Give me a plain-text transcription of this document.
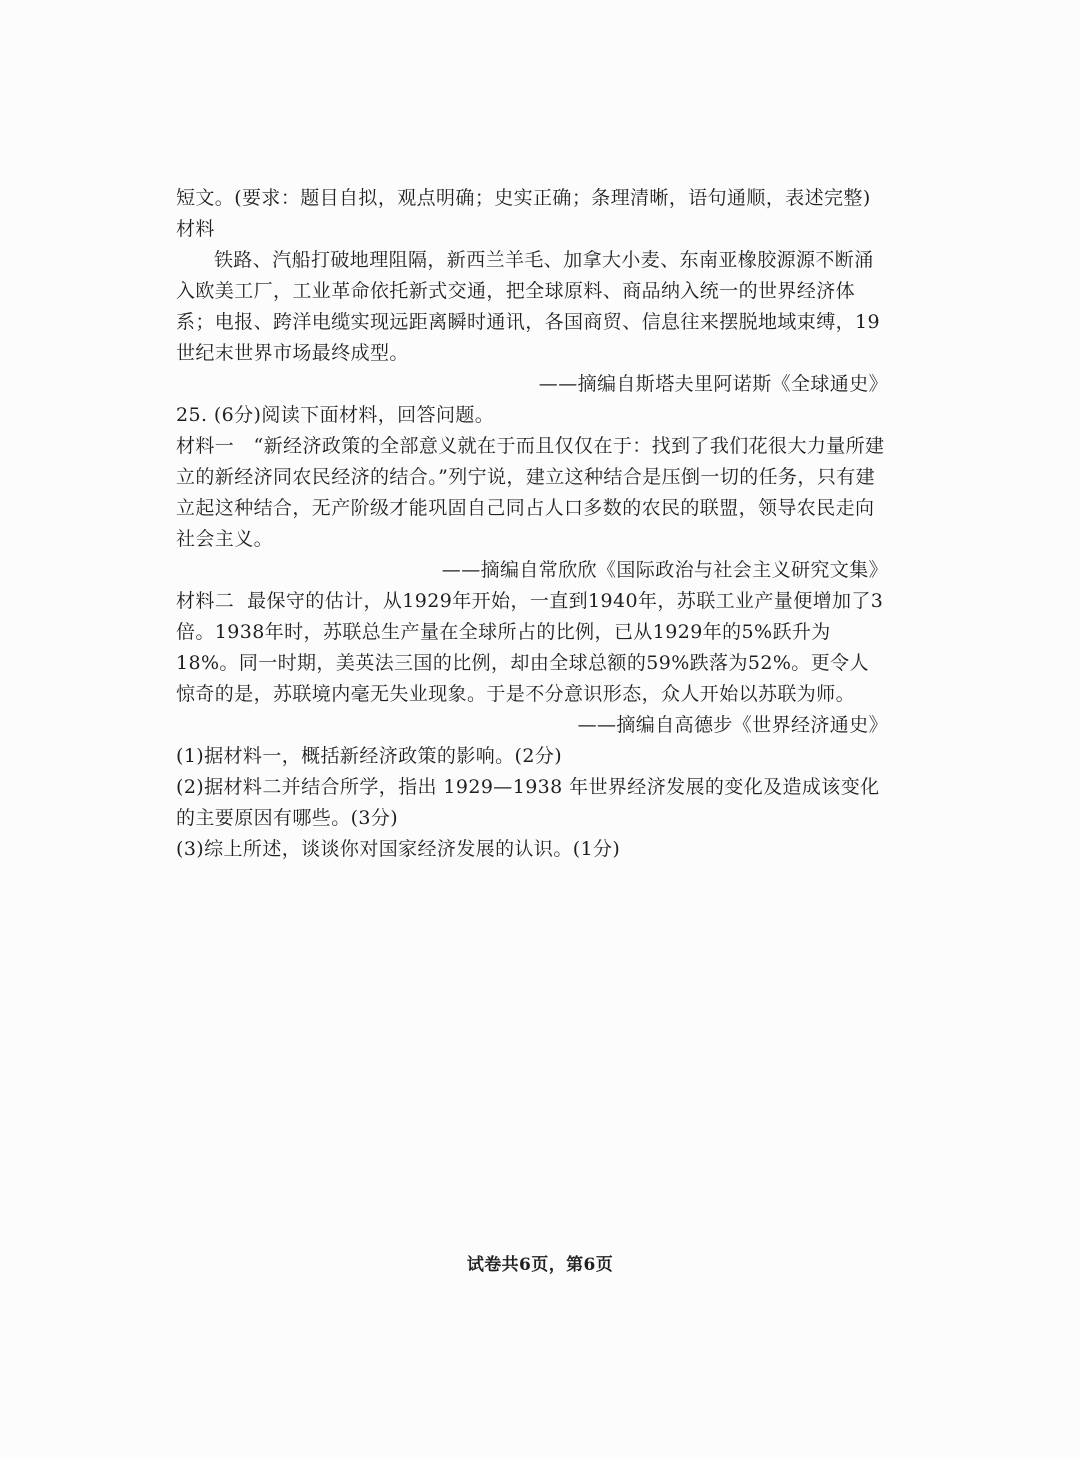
短文。(要求：题目自拟，观点明确；史实正确；条理清晰，语句通顺，表述完整)
材料
铁路、汽船打破地理阻隔，新西兰羊毛、加拿大小麦、东南亚橡胶源源不断涌入欧美工厂，工业革命依托新式交通，把全球原料、商品纳入统一的世界经济体系；电报、跨洋电缆实现远距离瞬时通讯，各国商贸、信息往来摆脱地域束缚，19世纪末世界市场最终成型。
——摘编自斯塔夫里阿诺斯《全球通史》
25. (6分)阅读下面材料，回答问题。
材料一 “新经济政策的全部意义就在于而且仅仅在于：找到了我们花很大力量所建立的新经济同农民经济的结合。”列宁说，建立这种结合是压倒一切的任务，只有建立起这种结合，无产阶级才能巩固自己同占人口多数的农民的联盟，领导农民走向社会主义。
——摘编自常欣欣《国际政治与社会主义研究文集》
材料二 最保守的估计，从1929年开始，一直到1940年，苏联工业产量便增加了3倍。1938年时，苏联总生产量在全球所占的比例，已从1929年的5%跃升为18%。同一时期，美英法三国的比例，却由全球总额的59%跌落为52%。更令人惊奇的是，苏联境内毫无失业现象。于是不分意识形态，众人开始以苏联为师。
——摘编自高德步《世界经济通史》
(1)据材料一，概括新经济政策的影响。(2分)
(2)据材料二并结合所学，指出 1929—1938 年世界经济发展的变化及造成该变化的主要原因有哪些。(3分)
(3)综上所述，谈谈你对国家经济发展的认识。(1分)
试卷共6页，第6页
